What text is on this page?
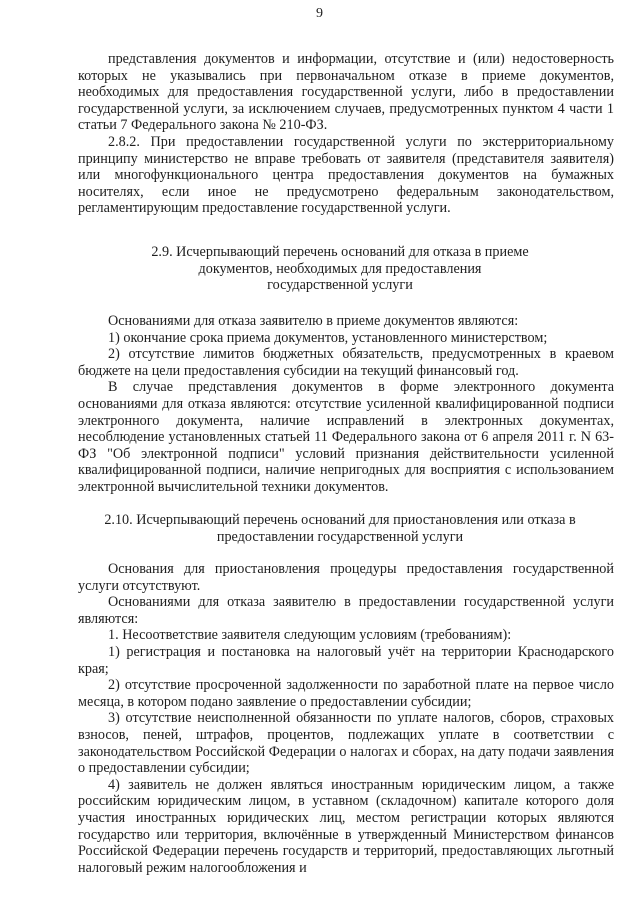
9

представления документов и информации, отсутствие и (или) недостоверность которых не указывались при первоначальном отказе в приеме документов, необходимых для предоставления государственной услуги, либо в предоставлении государственной услуги, за исключением случаев, предусмотренных пунктом 4 части 1 статьи 7 Федерального закона № 210-ФЗ.

2.8.2. При предоставлении государственной услуги по экстерриториальному принципу министерство не вправе требовать от заявителя (представителя заявителя) или многофункционального центра предоставления документов на бумажных носителях, если иное не предусмотрено федеральным законодательством, регламентирующим предоставление государственной услуги.

2.9. Исчерпывающий перечень оснований для отказа в приеме

документов, необходимых для предоставления

государственной услуги

Основаниями для отказа заявителю в приеме документов являются:

1) окончание срока приема документов, установленного министерством;

2) отсутствие лимитов бюджетных обязательств, предусмотренных в краевом бюджете на цели предоставления субсидии на текущий финансовый год.

В случае представления документов в форме электронного документа основаниями для отказа являются: отсутствие усиленной квалифицированной подписи электронного документа, наличие исправлений в электронных документах, несоблюдение установленных статьей 11 Федерального закона от 6 апреля 2011 г. N 63-ФЗ "Об электронной подписи" условий признания действительности усиленной квалифицированной подписи, наличие непригодных для восприятия с использованием электронной вычислительной техники документов.

2.10. Исчерпывающий перечень оснований для приостановления или отказа в

предоставлении государственной услуги

Основания для приостановления процедуры предоставления государственной услуги отсутствуют.

Основаниями для отказа заявителю в предоставлении государственной услуги являются:

1. Несоответствие заявителя следующим условиям (требованиям):

1) регистрация и постановка на налоговый учёт на территории Краснодарского края;

2) отсутствие просроченной задолженности по заработной плате на первое число месяца, в котором подано заявление о предоставлении субсидии;

3) отсутствие неисполненной обязанности по уплате налогов, сборов, страховых взносов, пеней, штрафов, процентов, подлежащих уплате в соответствии с законодательством Российской Федерации о налогах и сборах, на дату подачи заявления о предоставлении субсидии;

4) заявитель не должен являться иностранным юридическим лицом, а также российским юридическим лицом, в уставном (складочном) капитале которого доля участия иностранных юридических лиц, местом регистрации которых являются государство или территория, включённые в утвержденный Министерством финансов Российской Федерации перечень государств и территорий, предоставляющих льготный налоговый режим налогообложения и
